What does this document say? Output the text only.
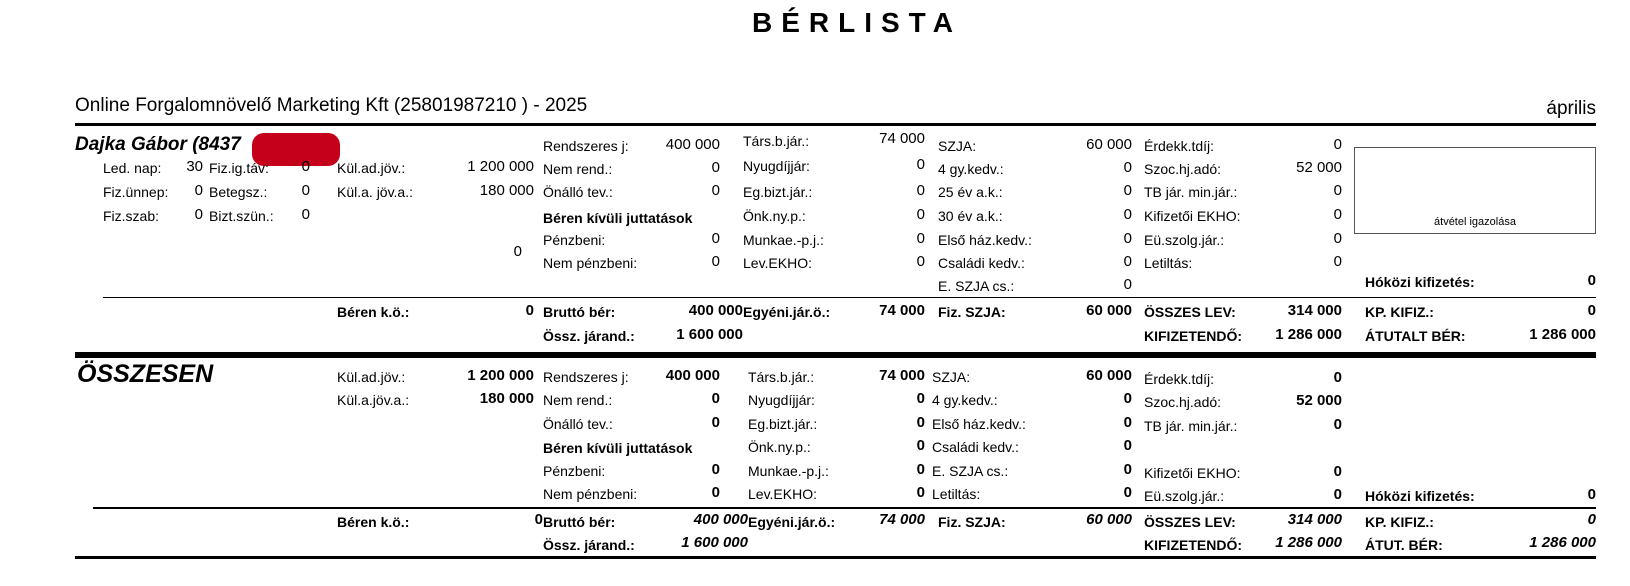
BÉRLISTA
Online Forgalomnövelő Marketing Kft (25801987210 ) - 2025	április
Dajka Gábor (8437
Led. nap: 30
Fiz.ünnep: 0
Fiz.szab: 0
Fiz.ig.táv: 0
Betegsz.: 0
Bizt.szün.: 0
Kül.ad.jöv.:	1 200 000
Kül.a. jöv.a.:	180 000
0
Rendszeres j: 400 000
Nem rend.:	0
Önálló tev.:	0
Béren kívüli juttatások
Pénzbeni:	0
Nem pénzbeni:	0
Társ.b.jár.:	74 000
Nyugdíjjár:	0
Eg.bizt.jár.:	0
Önk.ny.p.:	0
Munkae.-p.j.:	0
Lev.EKHO:	0
SZJA:	60 000
4 gy.kedv.:	0
25 év a.k.:	0
30 év a.k.:	0
Első ház.kedv.:	0
Családi kedv.:	0
E. SZJA cs.:	0
Érdekk.tdíj:	0
Szoc.hj.adó:	52 000
TB jár. min.jár.:	0
Kifizetői EKHO:	0
Eü.szolg.jár.:	0
Letiltás:	0
átvétel igazolása
Hóközi kifizetés:	0
Béren k.ö.:	0 Bruttó bér:	400 000
Össz. járand.:	1 600 000
Egyéni.jár.ö.:	74 000 Fiz. SZJA:	60 000 ÖSSZES LEV:	314 000
KIFIZETENDŐ: 1 286 000
KP. KIFIZ.:	0
ÁTUTALT BÉR:	1 286 000
ÖSSZESEN	Kül.ad.jöv.:	1 200 000
Kül.a.jöv.a.:	180 000
Rendszeres j: 400 000
Nem rend.:	0
Önálló tev.:	0
Béren kívüli juttatások
Pénzbeni:	0
Nem pénzbeni:	0
Társ.b.jár.:	74 000
Nyugdíjjár:	0
Eg.bizt.jár.:	0
Önk.ny.p.:	0
Munkae.-p.j.:	0
Lev.EKHO:	0
SZJA:	60 000
4 gy.kedv.:	0
Első ház.kedv.:	0
Családi kedv.:	0
E. SZJA cs.:	0
Letiltás:	0
Érdekk.tdíj:	0
Szoc.hj.adó:	52 000
TB jár. min.jár.:	0
Kifizetői EKHO:	0
Eü.szolg.jár.:	0 Hóközi kifizetés:	0
Béren k.ö.:	0 Bruttó bér:	400 000
Össz. járand.:	1 600 000
Egyéni.jár.ö.:	74 000 Fiz. SZJA:	60 000 ÖSSZES LEV:	314 000
KIFIZETENDŐ: 1 286 000
KP. KIFIZ.:	0
ÁTUT. BÉR:	1 286 000
